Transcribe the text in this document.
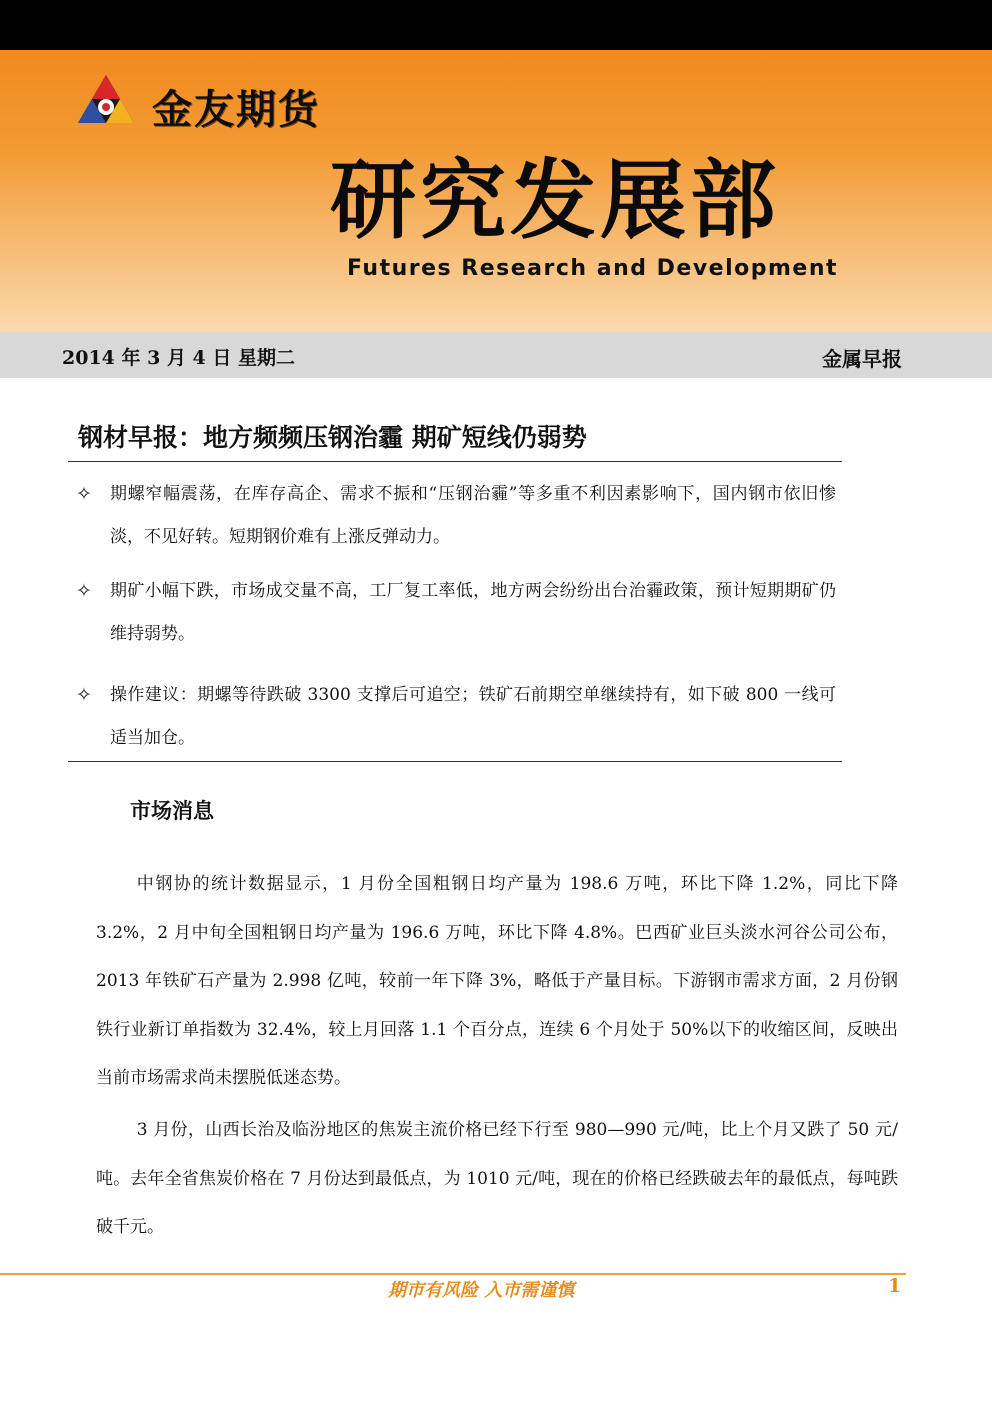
金友期货
研究发展部
Futures Research and Development
2014 年 3 月 4 日 星期二	金属早报
钢材早报：地方频频压钢治霾 期矿短线仍弱势
✧ 期螺窄幅震荡，在库存高企、需求不振和“压钢治霾”等多重不利因素影响下，国内钢市依旧惨淡，不见好转。短期钢价难有上涨反弹动力。
✧ 期矿小幅下跌，市场成交量不高，工厂复工率低，地方两会纷纷出台治霾政策，预计短期期矿仍维持弱势。
✧ 操作建议：期螺等待跌破 3300 支撑后可追空；铁矿石前期空单继续持有，如下破 800 一线可适当加仓。
市场消息
中钢协的统计数据显示，1 月份全国粗钢日均产量为 198.6 万吨，环比下降 1.2%，同比下降 3.2%，2 月中旬全国粗钢日均产量为 196.6 万吨，环比下降 4.8%。巴西矿业巨头淡水河谷公司公布，2013 年铁矿石产量为 2.998 亿吨，较前一年下降 3%，略低于产量目标。下游钢市需求方面，2 月份钢铁行业新订单指数为 32.4%，较上月回落 1.1 个百分点，连续 6 个月处于 50%以下的收缩区间，反映出当前市场需求尚未摆脱低迷态势。
3 月份，山西长治及临汾地区的焦炭主流价格已经下行至 980—990 元/吨，比上个月又跌了 50 元/吨。去年全省焦炭价格在 7 月份达到最低点，为 1010 元/吨，现在的价格已经跌破去年的最低点，每吨跌破千元。
期市有风险 入市需谨慎	1
